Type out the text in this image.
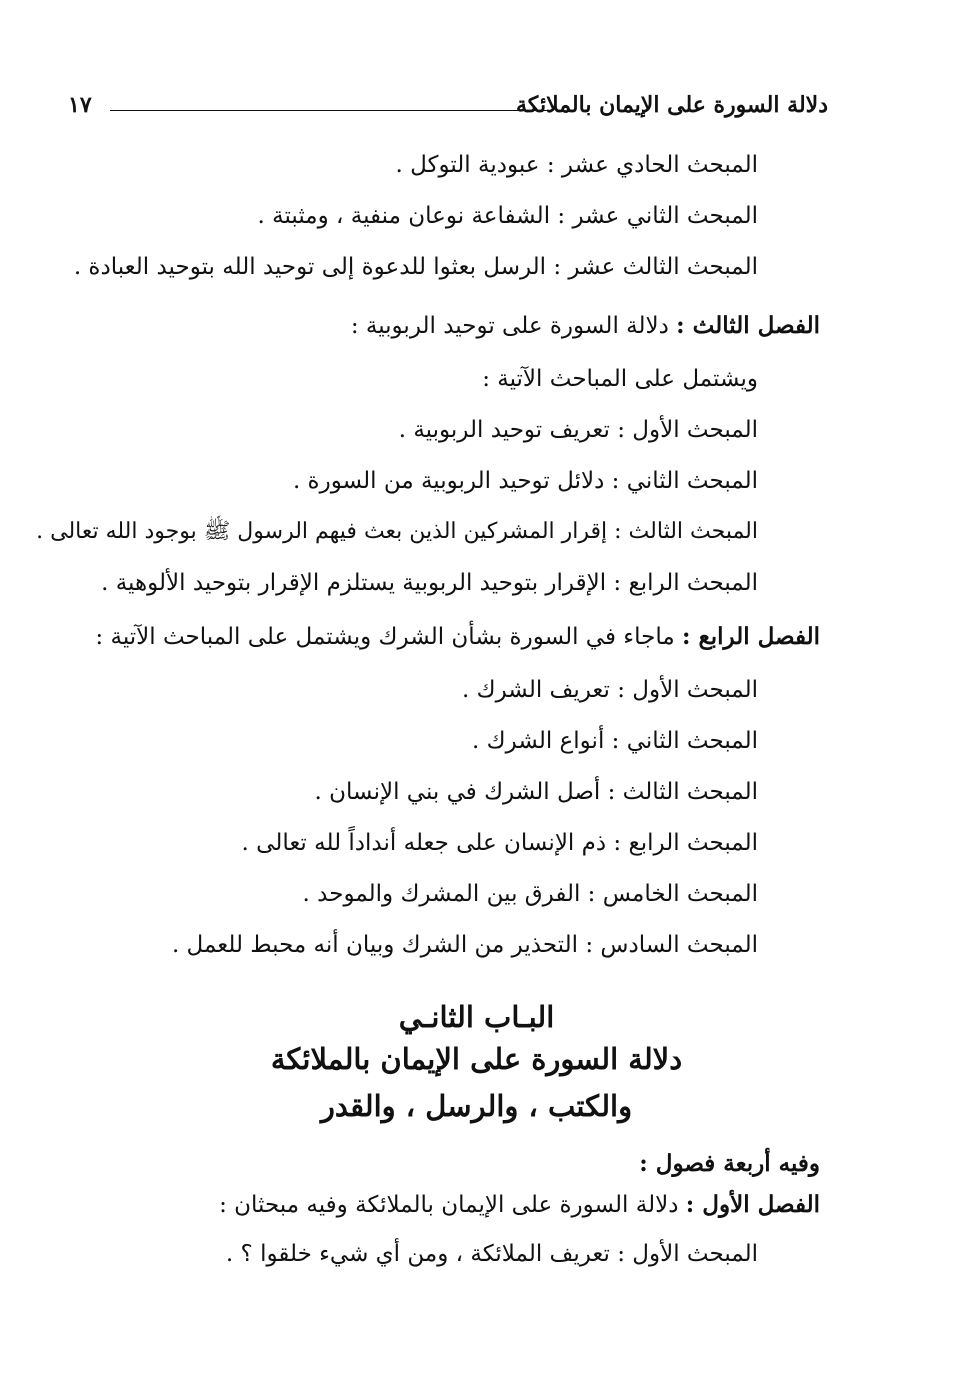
دلالة السورة على الإيمان بالملائكة
١٧
المبحث الحادي عشر : عبودية التوكل .
المبحث الثاني عشر : الشفاعة نوعان منفية ، ومثبتة .
المبحث الثالث عشر : الرسل بعثوا للدعوة إلى توحيد الله بتوحيد العبادة .
الفصل الثالث : دلالة السورة على توحيد الربوبية :
ويشتمل على المباحث الآتية :
المبحث الأول : تعريف توحيد الربوبية .
المبحث الثاني : دلائل توحيد الربوبية من السورة .
المبحث الثالث : إقرار المشركين الذين بعث فيهم الرسول ﷺ بوجود الله تعالى .
المبحث الرابع : الإقرار بتوحيد الربوبية يستلزم الإقرار بتوحيد الألوهية .
الفصل الرابع : ماجاء في السورة بشأن الشرك ويشتمل على المباحث الآتية :
المبحث الأول : تعريف الشرك .
المبحث الثاني : أنواع الشرك .
المبحث الثالث : أصل الشرك في بني الإنسان .
المبحث الرابع : ذم الإنسان على جعله أنداداً لله تعالى .
المبحث الخامس : الفرق بين المشرك والموحد .
المبحث السادس : التحذير من الشرك وبيان أنه محبط للعمل .
البـاب الثانـي
دلالة السورة على الإيمان بالملائكة
والكتب ، والرسل ، والقدر
وفيه أربعة فصول :
الفصل الأول : دلالة السورة على الإيمان بالملائكة وفيه مبحثان :
المبحث الأول : تعريف الملائكة ، ومن أي شيء خلقوا ؟ .
